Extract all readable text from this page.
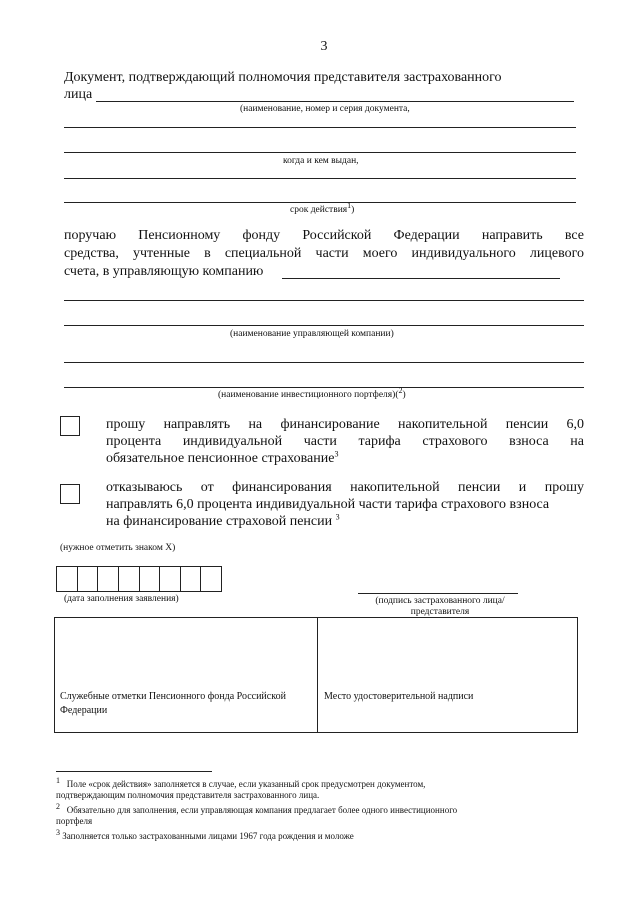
3
Документ, подтверждающий полномочия представителя застрахованного
лица
(наименование, номер и серия документа,
когда и кем выдан,
срок действия$^1$)
поручаю Пенсионному фонду Российской Федерации направить все
средства, учтенные в специальной части моего индивидуального лицевого
счета, в управляющую компанию
(наименование управляющей компании)
(наименование инвестиционного портфеля)($^2$)
прошу направлять на финансирование накопительной пенсии 6,0
процента индивидуальной части тарифа страхового взноса на
обязательное пенсионное страхование$^3$
отказываюсь от финансирования накопительной пенсии и прошу
направлять 6,0 процента индивидуальной части тарифа страхового взноса
на финансирование страховой пенсии $^3$
(нужное отметить знаком X)
(дата заполнения заявления)	(подпись застрахованного лица/
представителя
Служебные отметки Пенсионного фонда Российской
Федерации
Место удостоверительной надписи
$^1$ Поле «срок действия» заполняется в случае, если указанный срок предусмотрен документом,
подтверждающим полномочия представителя застрахованного лица.
$^2$ Обязательно для заполнения, если управляющая компания предлагает более одного инвестиционного
портфеля
$^3$ Заполняется только застрахованными лицами 1967 года рождения и моложе
